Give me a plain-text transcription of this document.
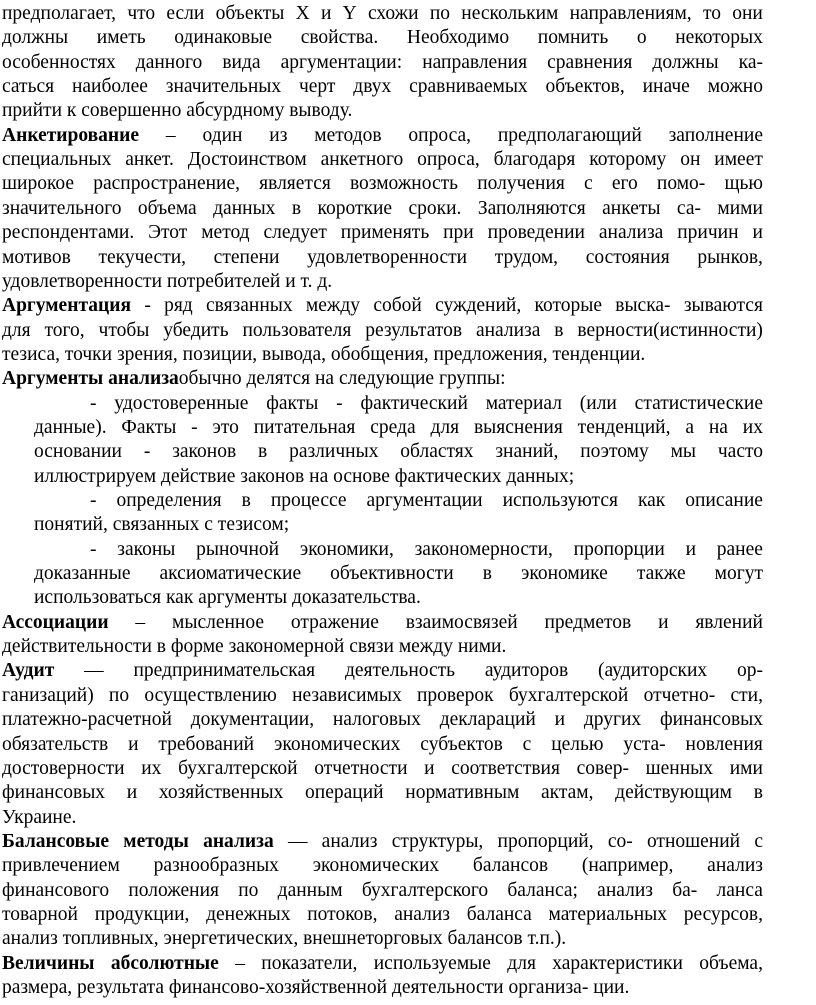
предполагает, что если объекты X и Y схожи по нескольким направлениям, то они
должны иметь одинаковые свойства. Необходимо помнить о некоторых
особенностях данного вида аргументации: направления сравнения должны ка-
саться наиболее значительных черт двух сравниваемых объектов, иначе можно
прийти к совершенно абсурдному выводу.
Анкетирование – один из методов опроса, предполагающий заполнение
специальных анкет. Достоинством анкетного опроса, благодаря которому он имеет
широкое распространение, является возможность получения с его помо- щью
значительного объема данных в короткие сроки. Заполняются анкеты са- мими
респондентами. Этот метод следует применять при проведении анализа причин и
мотивов текучести, степени удовлетворенности трудом, состояния рынков,
удовлетворенности потребителей и т. д.
Аргументация - ряд связанных между собой суждений, которые выска- зываются
для того, чтобы убедить пользователя результатов анализа в верности(истинности)
тезиса, точки зрения, позиции, вывода, обобщения, предложения, тенденции.
Аргументы анализаобычно делятся на следующие группы:
- удостоверенные факты - фактический материал (или статистические
данные). Факты - это питательная среда для выяснения тенденций, а на их
основании - законов в различных областях знаний, поэтому мы часто
иллюстрируем действие законов на основе фактических данных;
- определения в процессе аргументации используются как описание
понятий, связанных с тезисом;
- законы рыночной экономики, закономерности, пропорции и ранее
доказанные аксиоматические объективности в экономике также могут
использоваться как аргументы доказательства.
Ассоциации – мысленное отражение взаимосвязей предметов и явлений
действительности в форме закономерной связи между ними.
Аудит — предпринимательская деятельность аудиторов (аудиторских ор-
ганизаций) по осуществлению независимых проверок бухгалтерской отчетно- сти,
платежно-расчетной документации, налоговых деклараций и других финансовых
обязательств и требований экономических субъектов с целью уста- новления
достоверности их бухгалтерской отчетности и соответствия совер- шенных ими
финансовых и хозяйственных операций нормативным актам, действующим в
Украине.
Балансовые методы анализа — анализ структуры, пропорций, со- отношений с
привлечением разнообразных экономических балансов (например, анализ
финансового положения по данным бухгалтерского баланса; анализ ба- ланса
товарной продукции, денежных потоков, анализ баланса материальных ресурсов,
анализ топливных, энергетических, внешнеторговых балансов т.п.).
Величины абсолютные – показатели, используемые для характеристики объема,
размера, результата финансово-хозяйственной деятельности организа- ции.
